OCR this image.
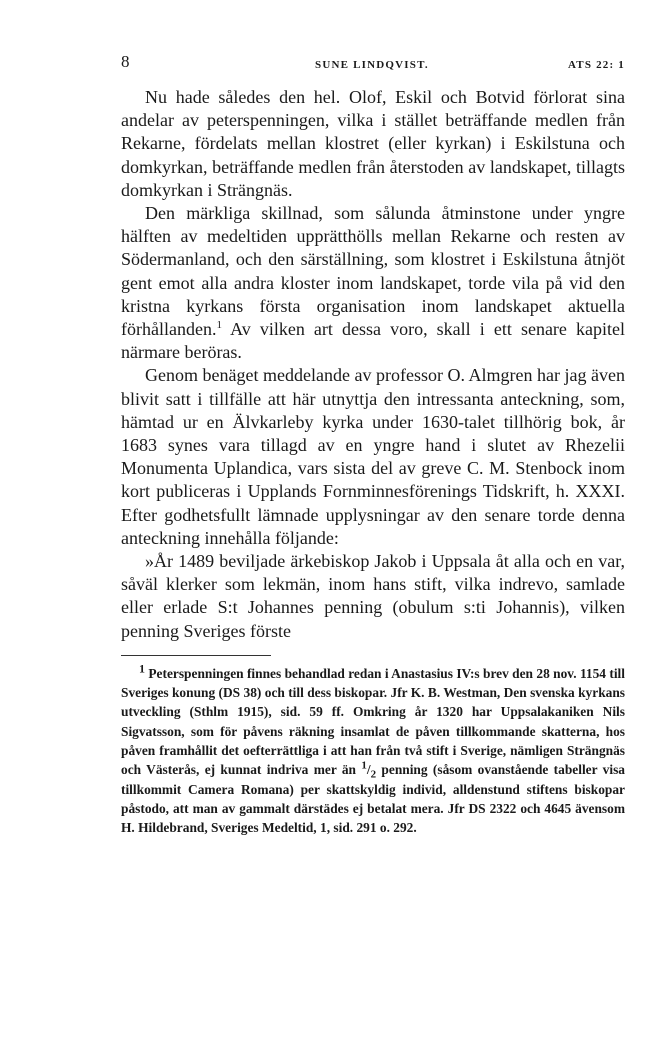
8	SUNE LINDQVIST.	ATS 22: 1

Nu hade således den hel. Olof, Eskil och Botvid förlorat sina andelar av peterspenningen, vilka i stället beträffande medlen från Rekarne, fördelats mellan klostret (eller kyrkan) i Eskilstuna och domkyrkan, beträffande medlen från återstoden av landskapet, tillagts domkyrkan i Strängnäs.

Den märkliga skillnad, som sålunda åtminstone under yngre hälften av medeltiden upprätthölls mellan Rekarne och resten av Södermanland, och den särställning, som klostret i Eskilstuna åtnjöt gent emot alla andra kloster inom landskapet, torde vila på vid den kristna kyrkans första organisation inom landskapet aktuella förhållanden.$^1$ Av vilken art dessa voro, skall i ett senare kapitel närmare beröras.

Genom benäget meddelande av professor O. Almgren har jag även blivit satt i tillfälle att här utnyttja den intressanta anteckning, som, hämtad ur en Älvkarleby kyrka under 1630-talet tillhörig bok, år 1683 synes vara tillagd av en yngre hand i slutet av Rhezelii Monumenta Uplandica, vars sista del av greve C. M. Stenbock inom kort publiceras i Upplands Fornminnesförenings Tidskrift, h. XXXI. Efter godhetsfullt lämnade upplysningar av den senare torde denna anteckning innehålla följande:

»År 1489 beviljade ärkebiskop Jakob i Uppsala åt alla och en var, såväl klerker som lekmän, inom hans stift, vilka indrevo, samlade eller erlade S:t Johannes penning (obulum s:ti Johannis), vilken penning Sveriges förste

1 Peterspenningen finnes behandlad redan i Anastasius IV:s brev den 28 nov. 1154 till Sveriges konung (DS 38) och till dess biskopar. Jfr K. B. Westman, Den svenska kyrkans utveckling (Sthlm 1915), sid. 59 ff. Omkring år 1320 har Uppsalakaniken Nils Sigvatsson, som för påvens räkning insamlat de påven tillkommande skatterna, hos påven framhållit det oefterrättliga i att han från två stift i Sverige, nämligen Strängnäs och Västerås, ej kunnat indriva mer än $^1/_2$ penning (såsom ovanstående tabeller visa tillkommit Camera Romana) per skattskyldig individ, alldenstund stiftens biskopar påstodo, att man av gammalt därstädes ej betalat mera. Jfr DS 2322 och 4645 ävensom H. Hildebrand, Sveriges Medeltid, 1, sid. 291 o. 292.
